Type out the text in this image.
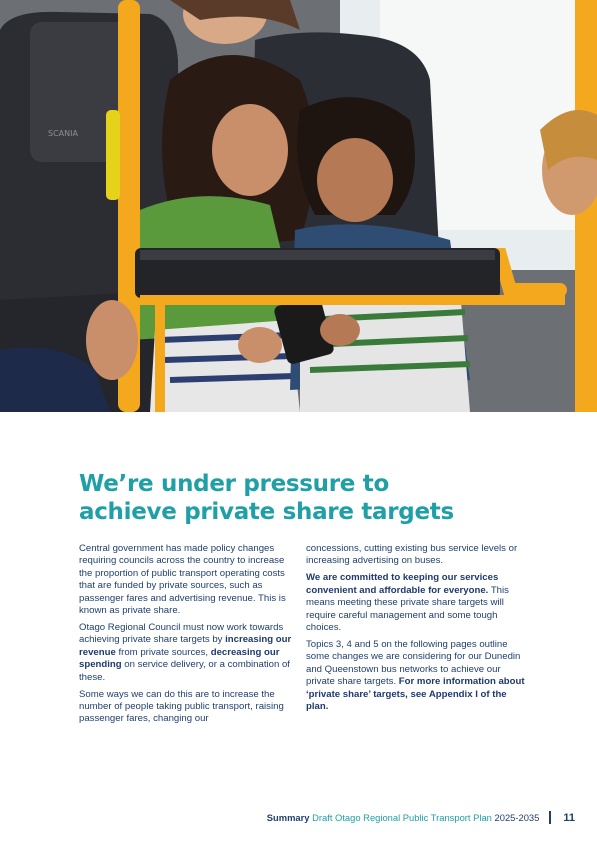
SCANIA
We’re under pressure to
achieve private share targets

Central government has made policy changes requiring councils across the country to increase the proportion of public transport operating costs that are funded by private sources, such as passenger fares and advertising revenue. This is known as private share.

Otago Regional Council must now work towards achieving private share targets by increasing our revenue from private sources, decreasing our spending on service delivery, or a combination of these.

Some ways we can do this are to increase the number of people taking public transport, raising passenger fares, changing our

concessions, cutting existing bus service levels or increasing advertising on buses.

We are committed to keeping our services convenient and affordable for everyone. This means meeting these private share targets will require careful management and some tough choices.

Topics 3, 4 and 5 on the following pages outline some changes we are considering for our Dunedin and Queenstown bus networks to achieve our private share targets. For more information about ‘private share’ targets, see Appendix I of the plan.

Summary Draft Otago Regional Public Transport Plan 2025-2035 11
